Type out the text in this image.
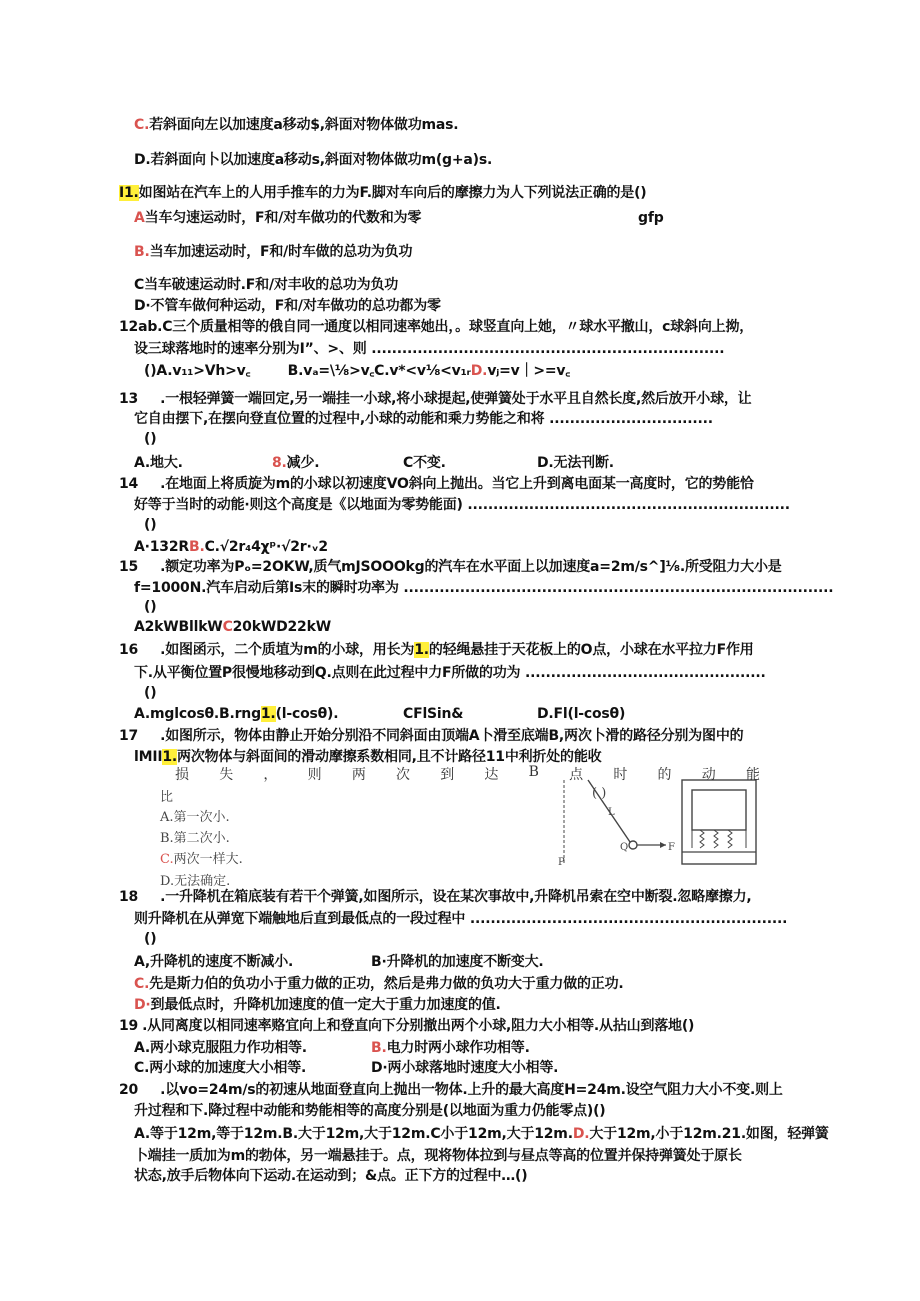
C.若斜面向左以加速度a移动$,斜面对物体做功mas.
D.若斜面向卜以加速度a移动s,斜面对物体做功m(g+a)s.
I1.如图站在汽车上的人用手推车的力为F.脚对车向后的摩擦力为人下列说法正确的是()
A当车匀速运动时，F和/对车做功的代数和为零	gfp
B.当车加速运动时，F和/时车做的总功为负功
C当车破速运动时.F和/对丰收的总功为负功
D·不管车做何种运动，F和/对车做功的总功都为零
12ab.C三个质量相等的俄自同一通度以相同速率她出，。球竖直向上她，〃球水平撤山，c球斜向上拗，
设三球落地时的速率分别为I”、>、则 .....................................................................
()A.v₁₁>Vh>v꜀	B.vₐ=\⅛>v꜀C.v*<v⅛<v₁ᵣD.vⱼ=v｜>=v꜀
13 .一根轻弹簧一端回定,另一端挂一小球,将小球提起,使弹簧处于水平且自然长度,然后放开小球，让
它自由摆下,在摆向登直位置的过程中,小球的动能和乘力势能之和将 ................................
()
A.地大.	8.减少.	C不变.	D.无法刊断.
14 .在地面上将质旋为m的小球以初速度VO斜向上抛出。当它上升到离电面某一高度时，它的势能恰
好等于当时的动能·则这个高度是《以地面为零势能面) ...............................................................
()
A·132RB.C.√2r₄4χᵖ·√2r·ᵥ2
15 .额定功率为Pₒ=2OKW,质气mJSOOOkg的汽车在水平面上以加速度a=2m∕s^]⅛.所受阻力大小是
f=1000N.汽车启动后第Is末的瞬时功率为 ....................................................................................
()
A2kWBllkWC20kWD22kW
16 .如图函示，二个质埴为m的小球，用长为1.的轻绳悬挂于天花板上的O点，小球在水平拉力F作用
下.从平衡位置P很慢地移动到Q.点则在此过程中力F所做的功为 ...............................................
()
A.mglcosθ.B.rng1.(l-cosθ).	CFlSin&	D.Fl(l-cosθ)
17 .如图所示，物体由静止开始分别沿不同斜面由顶端A卜滑至底端B,两次卜滑的路径分别为图中的
lMII1.两次物体与斜面间的滑动摩擦系数相同,且不计路径11中利折处的能收
损 失 ， 则 两 次 到 达 B 点 时 的 动 能
比	( )
A.第一次小.
B.第二次小.
C.两次一样大.
D.无法确定.
L
P
Q	F
18 .一升降机在箱底装有若干个弹簧,如图所示，设在某次事故中,升降机吊索在空中断裂.忽略摩擦力,
则升降机在从弹宽下端触地后直到最低点的一段过程中 ..............................................................
()
A,升降机的速度不断减小.	B·升降机的加速度不断变大.
C.先是斯力伯的负功小于重力做的正功，然后是弗力做的负功大于重力做的正功.
D·到最低点时，升降机加速度的值一定大于重力加速度的值.
19 .从同离度以相同速率赂宜向上和登直向下分别撤出两个小球,阻力大小相等.从拈山到落地()
A.两小球克服阻力作功相等.	B.电力时两小球作功相等.
C.两小球的加速度大小相等.	D·两小球落地时速度大小相等.
20 .以vo=24m∕s的初速从地面登直向上抛出一物体.上升的最大高度H=24m.设空气阻力大小不变.则上
升过程和下.降过程中动能和势能相等的高度分别是(以地面为重力仍能零点)()
A.等于12m,等于12m.B.大于12m,大于12m.C小于12m,大于12m.D.大于12m,小于12m.21.如图，轻弹簧
卜端挂一质加为m的勃体，另一端悬挂于。点，现将物体拉到与昼点等高的位置并保持弹簧处于原长
状态,放手后物体向下运动.在运动到；&点。正下方的过程中…()
